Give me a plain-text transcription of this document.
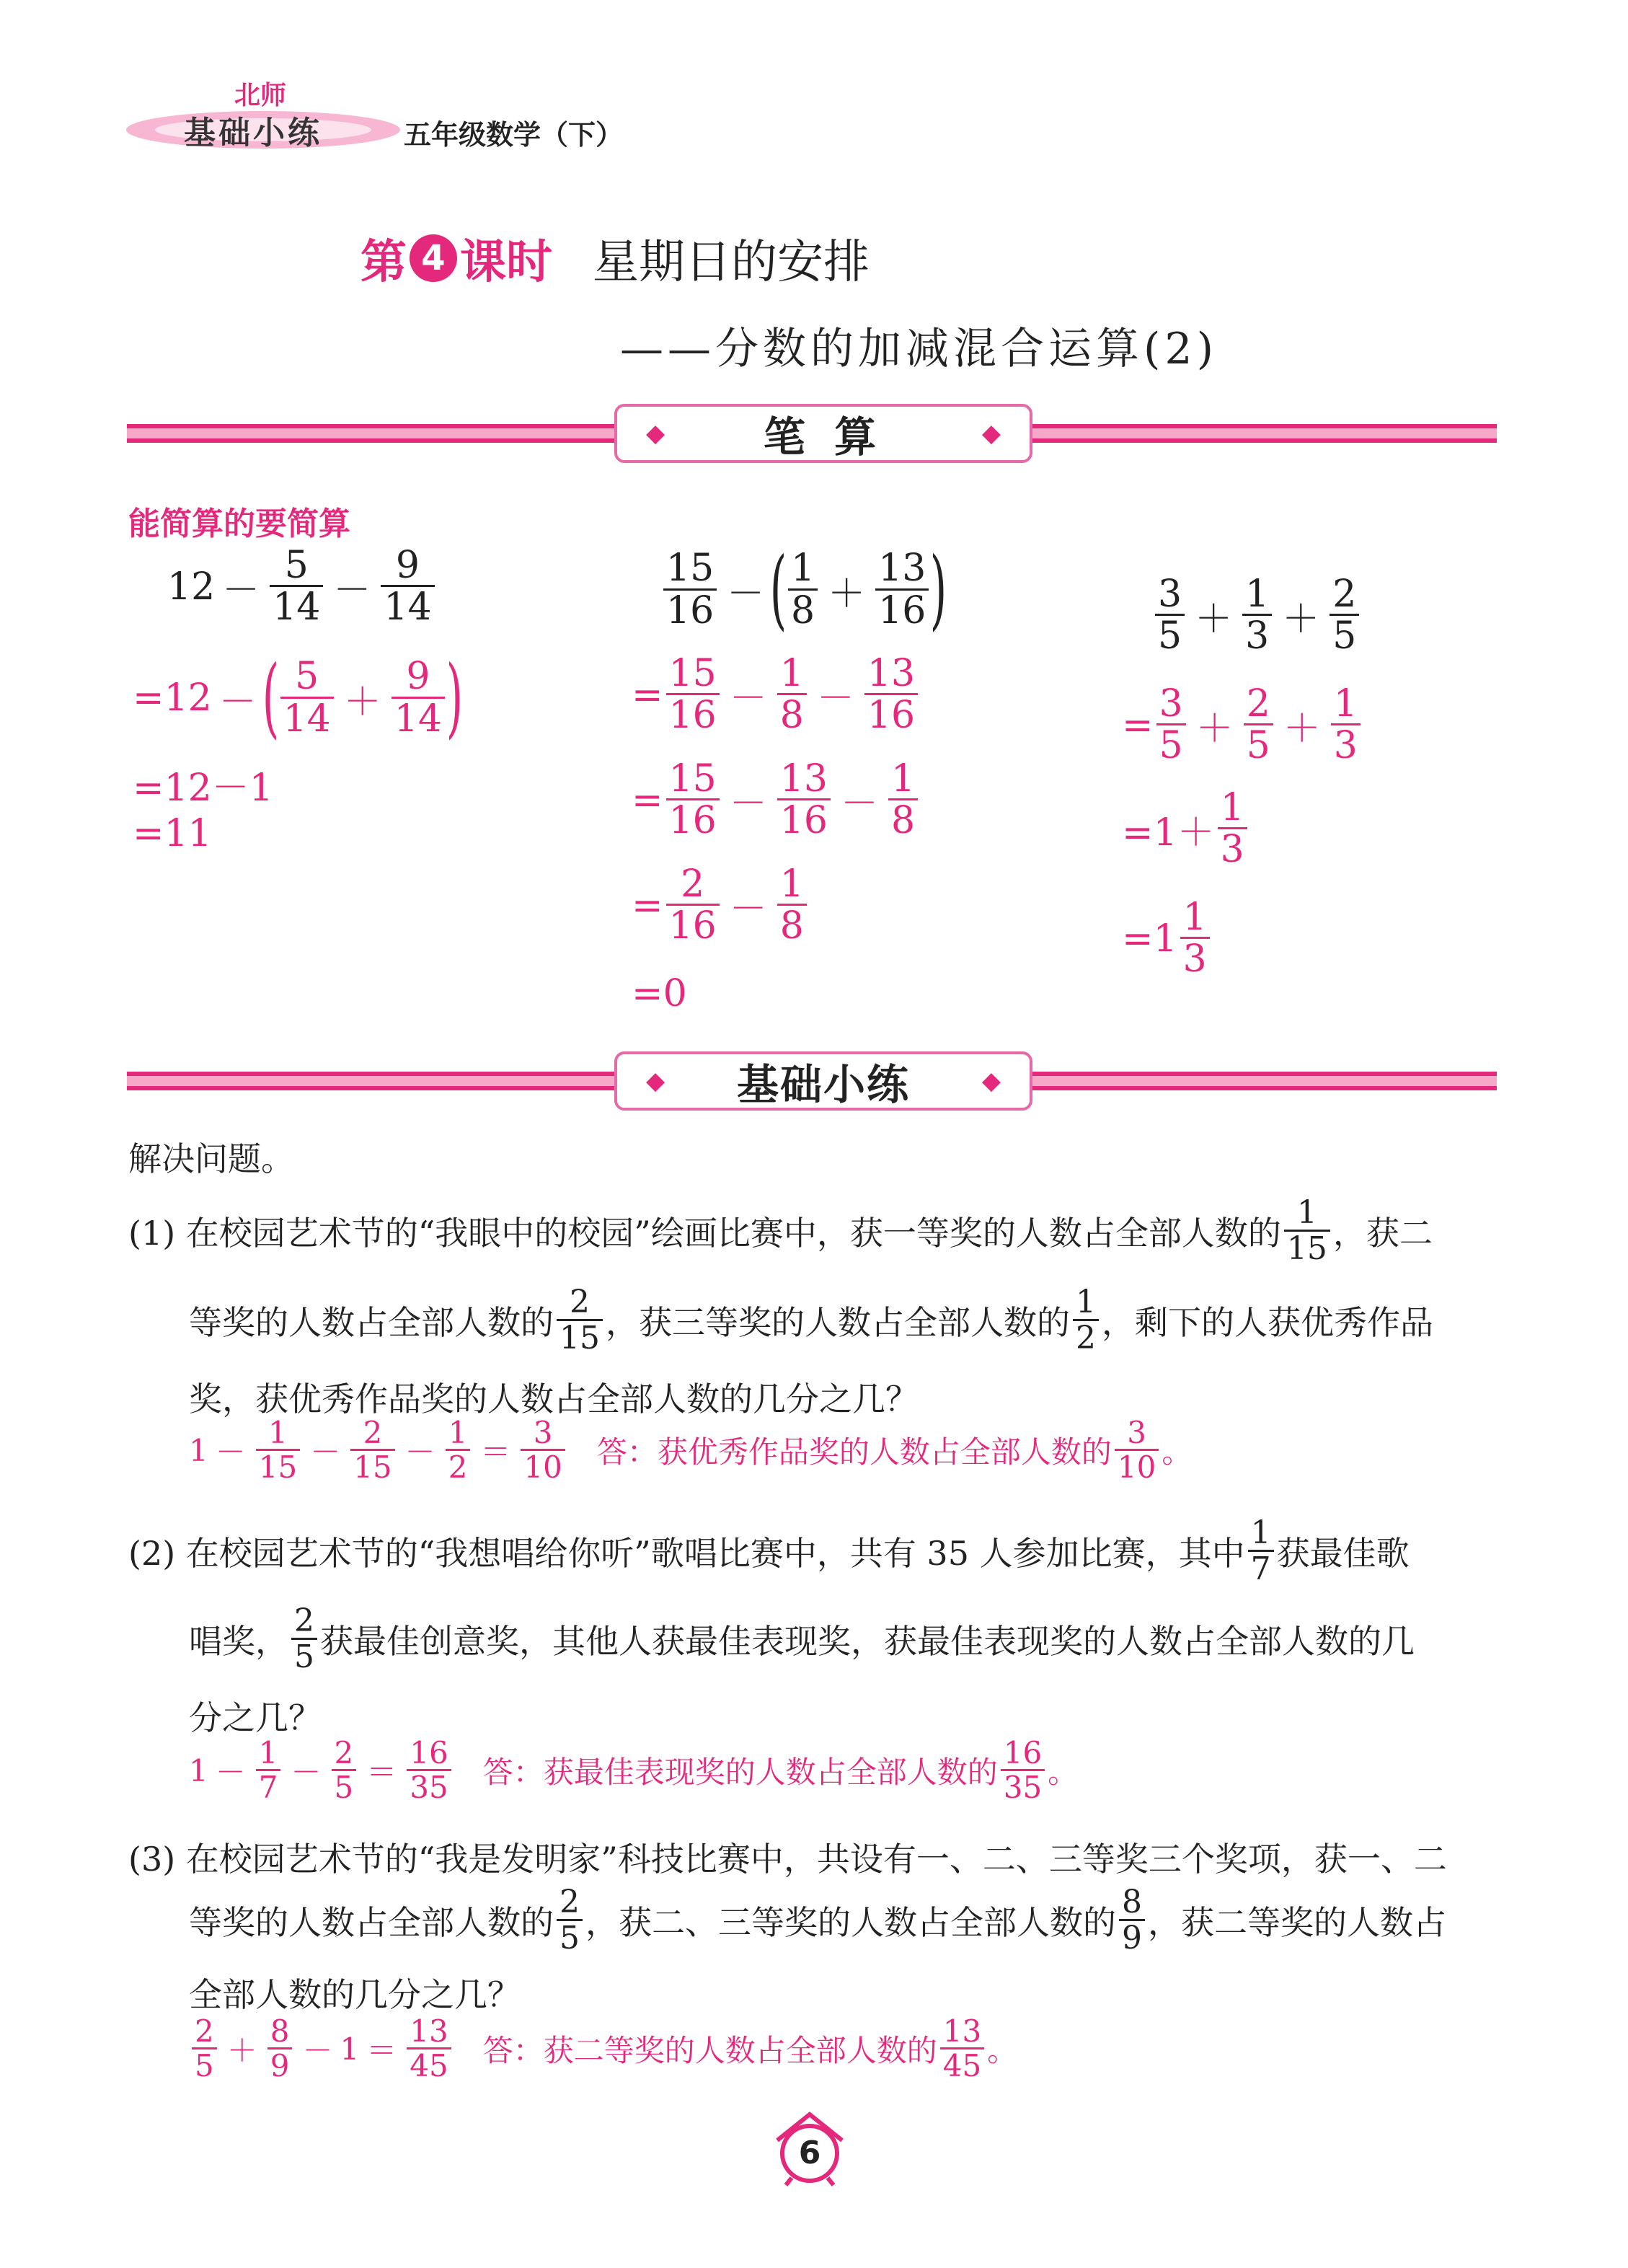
北师
基础小练	五年级数学（下）
第 4 课时 星期日的安排
——分数的加减混合运算(2)
◆ 笔 算	◆
能简算的要简算
$12 - \frac{5}{14} - \frac{9}{14}$
=12 － ( $\frac{5}{14} + \frac{9}{14}$ )
=12－1
=11
$\frac{15}{16}$ － ( $\frac{1}{8} + \frac{13}{16}$ )
= $\frac{15}{16} - \frac{1}{8} - \frac{13}{16}$
= $\frac{15}{16} - \frac{13}{16} - \frac{1}{8}$
= $\frac{2}{16} - \frac{1}{8}$
=0
$\frac{3}{5} + \frac{1}{3} + \frac{2}{5}$
= $\frac{3}{5} + \frac{2}{5} + \frac{1}{3}$
$=1+ \frac{1}{3}$
$=1 \frac{1}{3}$
◆ 基础小练	◆
解决问题。
(1) 在校园艺术节的“我眼中的校园”绘画比赛中，获一等奖的人数占全部人数的 $\frac{1}{15}$ ，获二
等奖的人数占全部人数的 $\frac{2}{15}$ ，获三等奖的人数占全部人数的 $\frac{1}{2}$ ，剩下的人获优秀作品
奖，获优秀作品奖的人数占全部人数的几分之几？
$1 - \frac{1}{15} - \frac{2}{15} - \frac{1}{2} = \frac{3}{10}$ 答：获优秀作品奖的人数占全部人数的 $\frac{3}{10}$ 。
(2) 在校园艺术节的“我想唱给你听”歌唱比赛中，共有 35 人参加比赛，其中 $\frac{1}{7}$ 获最佳歌
唱奖， $\frac{2}{5}$ 获最佳创意奖，其他人获最佳表现奖，获最佳表现奖的人数占全部人数的几
分之几？
$1 - \frac{1}{7} - \frac{2}{5} = \frac{16}{35}$ 答：获最佳表现奖的人数占全部人数的 $\frac{16}{35}$ 。
(3) 在校园艺术节的“我是发明家”科技比赛中，共设有一、二、三等奖三个奖项，获一、二
等奖的人数占全部人数的 $\frac{2}{5}$ ，获二、三等奖的人数占全部人数的 $\frac{8}{9}$ ，获二等奖的人数占
全部人数的几分之几？
$\frac{2}{5} + \frac{8}{9} - 1 = \frac{13}{45}$ 答：获二等奖的人数占全部人数的 $\frac{13}{45}$ 。
6
